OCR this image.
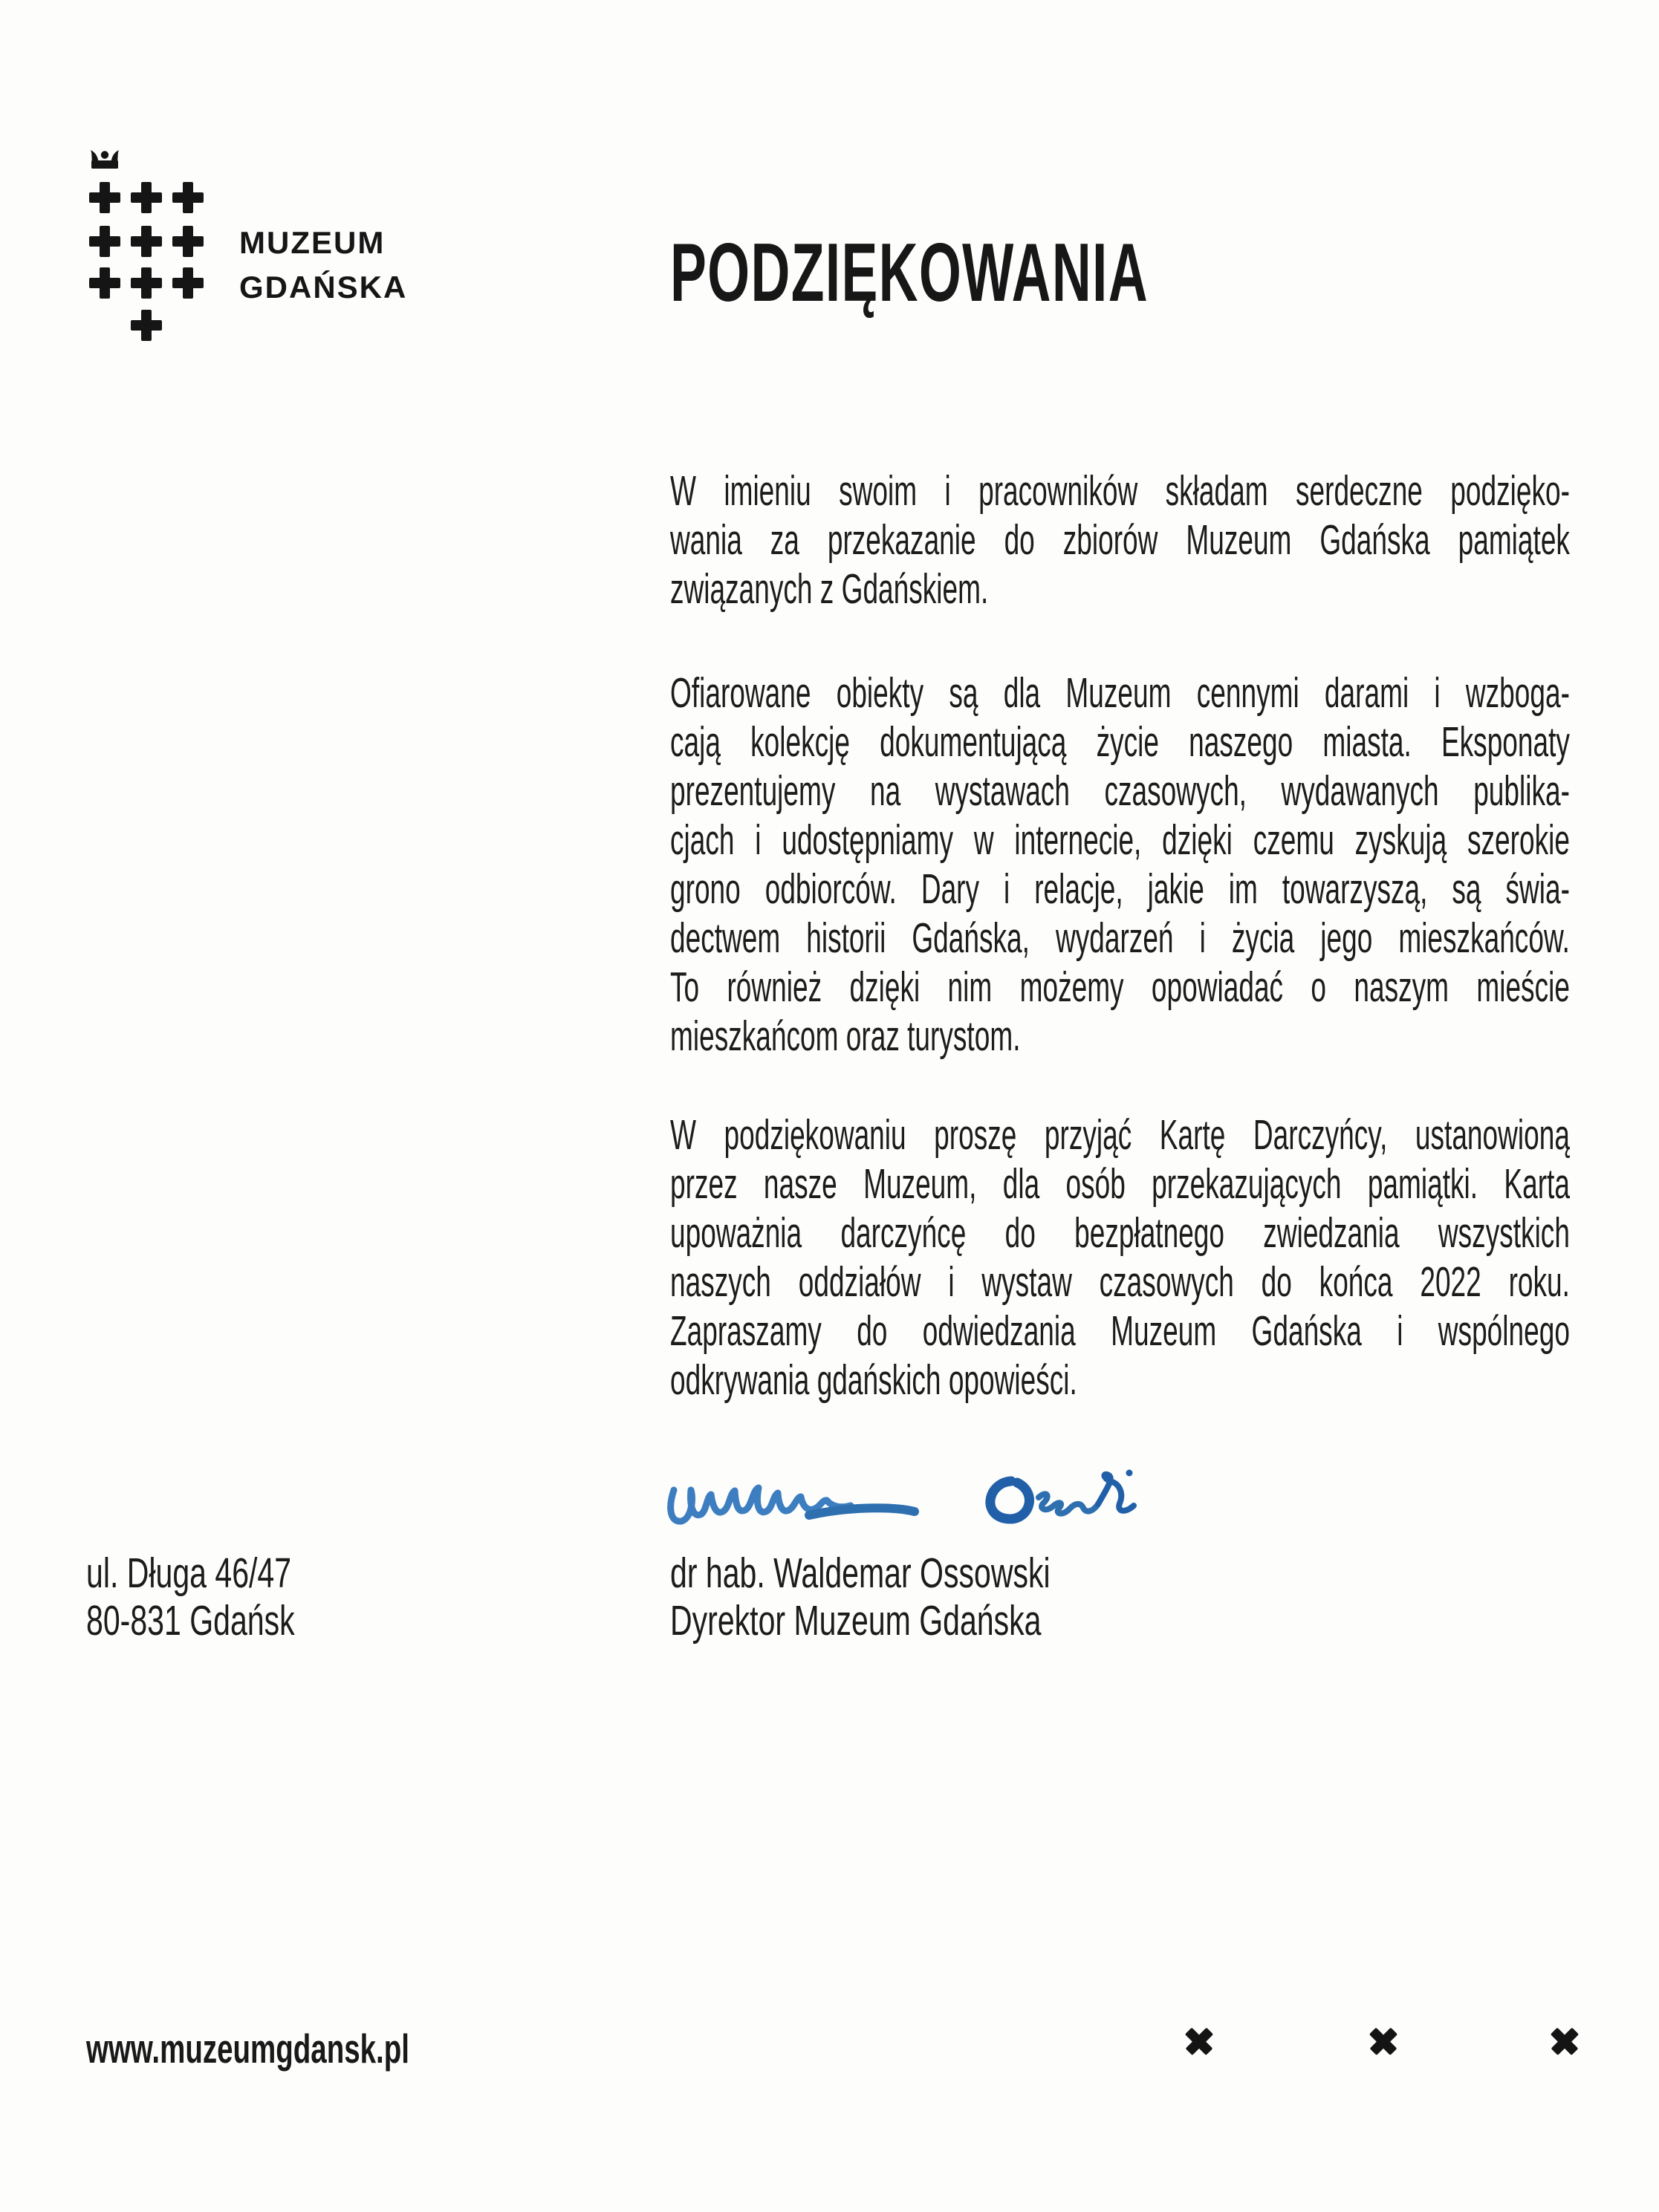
MUZEUM
GDAŃSKA	PODZIĘKOWANIA
W imieniu swoim i pracowników składam serdeczne podzięko-
wania za przekazanie do zbiorów Muzeum Gdańska pamiątek
związanych z Gdańskiem.
Ofiarowane obiekty są dla Muzeum cennymi darami i wzboga-
cają kolekcję dokumentującą życie naszego miasta. Eksponaty
prezentujemy na wystawach czasowych, wydawanych publika-
cjach i udostępniamy w internecie, dzięki czemu zyskują szerokie
grono odbiorców. Dary i relacje, jakie im towarzyszą, są świa-
dectwem historii Gdańska, wydarzeń i życia jego mieszkańców.
To również dzięki nim możemy opowiadać o naszym mieście
mieszkańcom oraz turystom.
W podziękowaniu proszę przyjąć Kartę Darczyńcy, ustanowioną
przez nasze Muzeum, dla osób przekazujących pamiątki. Karta
upoważnia darczyńcę do bezpłatnego zwiedzania wszystkich
naszych oddziałów i wystaw czasowych do końca 2022 roku.
Zapraszamy do odwiedzania Muzeum Gdańska i wspólnego
odkrywania gdańskich opowieści.
dr hab. Waldemar Ossowski
Dyrektor Muzeum Gdańska
ul. Długa 46/47
80-831 Gdańsk
www.muzeumgdansk.pl
